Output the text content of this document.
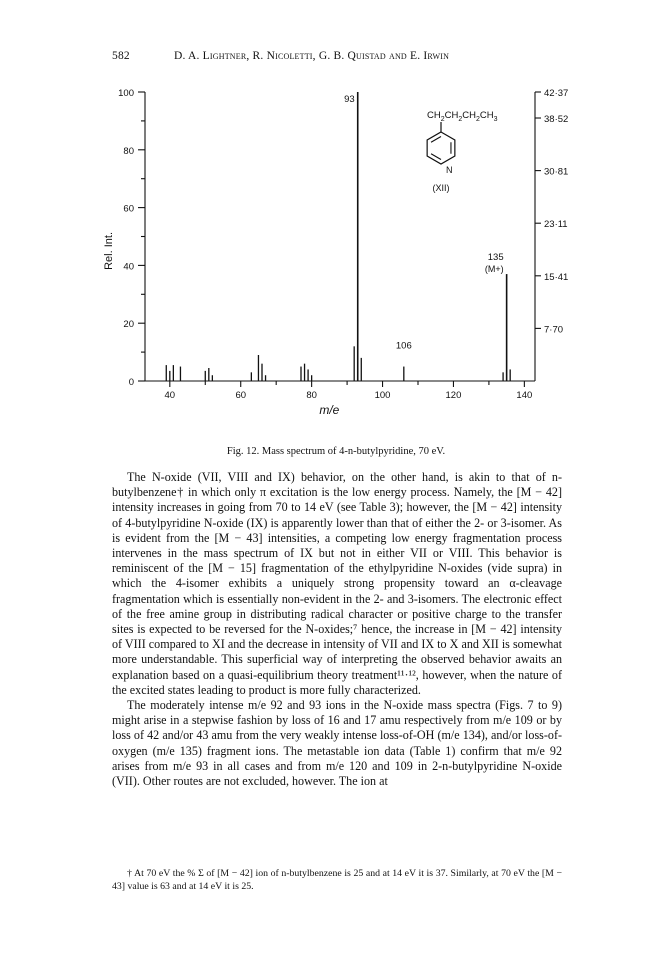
582	D. A. Lightner, R. Nicoletti, G. B. Quistad and E. Irwin
0
20
40
60
80
100
40	60	80	100	120	140
42·37
38·52
30·81
23·11
15·41
7·70
m/e
Rel. Int.
93
106
135
(M+)
$CH_2CH_2CH_2CH_3$
N
(XII)
Fig. 12. Mass spectrum of 4-n-butylpyridine, 70 eV.

The N-oxide (VII, VIII and IX) behavior, on the other hand, is akin to that of n-butylbenzene† in which only π excitation is the low energy process. Namely, the [M − 42] intensity increases in going from 70 to 14 eV (see Table 3); however, the [M − 42] intensity of 4-butylpyridine N-oxide (IX) is apparently lower than that of either the 2- or 3-isomer. As is evident from the [M − 43] intensities, a competing low energy fragmentation process intervenes in the mass spectrum of IX but not in either VII or VIII. This behavior is reminiscent of the [M − 15] fragmentation of the ethylpyridine N-oxides (vide supra) in which the 4-isomer exhibits a uniquely strong propensity toward an α-cleavage fragmentation which is essentially non-evident in the 2- and 3-isomers. The electronic effect of the free amine group in distributing radical character or positive charge to the transfer sites is expected to be reversed for the N-oxides;⁷ hence, the increase in [M − 42] intensity of VIII compared to XI and the decrease in intensity of VII and IX to X and XII is somewhat more understandable. This superficial way of interpreting the observed behavior awaits an explanation based on a quasi-equilibrium theory treatment¹¹·¹², however, when the nature of the excited states leading to product is more fully characterized.

The moderately intense m/e 92 and 93 ions in the N-oxide mass spectra (Figs. 7 to 9) might arise in a stepwise fashion by loss of 16 and 17 amu respectively from m/e 109 or by loss of 42 and/or 43 amu from the very weakly intense loss-of-OH (m/e 134), and/or loss-of-oxygen (m/e 135) fragment ions. The metastable ion data (Table 1) confirm that m/e 92 arises from m/e 93 in all cases and from m/e 120 and 109 in 2-n-butylpyridine N-oxide (VII). Other routes are not excluded, however. The ion at

† At 70 eV the % Σ of [M − 42] ion of n-butylbenzene is 25 and at 14 eV it is 37. Similarly, at 70 eV the [M − 43] value is 63 and at 14 eV it is 25.
